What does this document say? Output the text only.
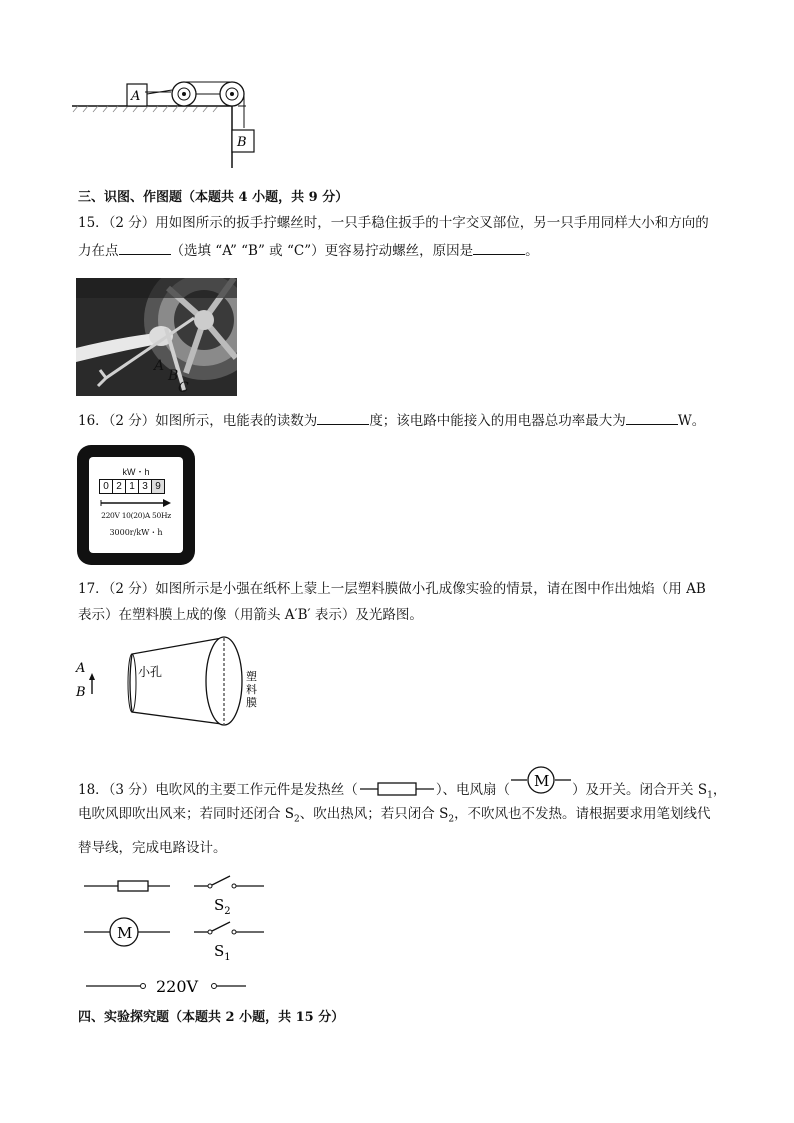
A
B
三、识图、作图题（本题共 4 小题，共 9 分）
15．（2 分）用如图所示的扳手拧螺丝时，一只手稳住扳手的十字交叉部位，另一只手用同样大小和方向的
力在点	（选填 “A” “B” 或 “C”）更容易拧动螺丝，原因是	。
A
B
C
16．（2 分）如图所示，电能表的读数为	度；该电路中能接入的用电器总功率最大为	W。
kW・h
0 2 1 3 9
220V 10(20)A 50Hz
3000r/kW・h
17．（2 分）如图所示是小强在纸杯上蒙上一层塑料膜做小孔成像实验的情景，请在图中作出烛焰（用 AB
表示）在塑料膜上成的像（用箭头 A′B′ 表示）及光路图。
A
B
小孔	塑
料
膜
18．（3 分）电吹风的主要工作元件是发热丝（	）、电风扇（ M ）及开关。闭合开关 $S_1$，
电吹风即吹出风来；若同时还闭合 $S_2$、吹出热风；若只闭合 $S_2$，不吹风也不发热。请根据要求用笔划线代
替导线，完成电路设计。
$S_2$
M
$S_1$
220V
四、实验探究题（本题共 2 小题，共 15 分）
